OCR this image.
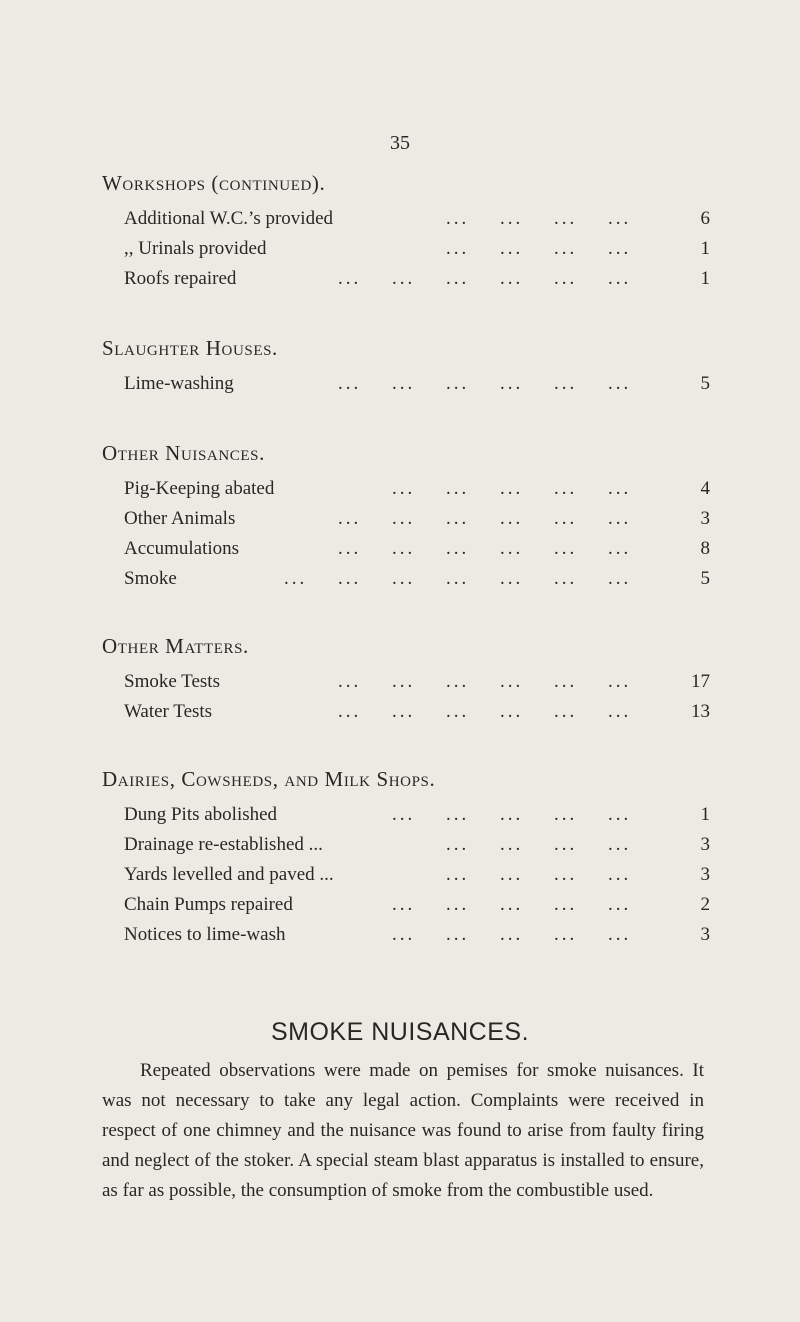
35
Workshops (continued).
... ... ... ...
Additional W.C.’s provided	6
... ... ... ...
,, Urinals provided	1
... ... ... ... ... ...
Roofs repaired	1
Slaughter Houses.
... ... ... ... ... ...
Lime-washing	5
Other Nuisances.
... ... ... ... ...
Pig-Keeping abated	4
... ... ... ... ... ...
Other Animals	3
... ... ... ... ... ...
Accumulations	8
... ... ... ... ... ... ...
Smoke	5
Other Matters.
... ... ... ... ... ...
Smoke Tests	17
... ... ... ... ... ...
Water Tests	13
Dairies, Cowsheds, and Milk Shops.
... ... ... ... ...
Dung Pits abolished	1
... ... ... ...
Drainage re-established ...	3
... ... ... ...
Yards levelled and paved ...	3
... ... ... ... ...
Chain Pumps repaired	2
... ... ... ... ...
Notices to lime-wash	3
SMOKE NUISANCES.
Repeated observations were made on pemises for smoke nuisances. It was not necessary to take any legal action. Complaints were received in respect of one chimney and the nuisance was found to arise from faulty firing and neglect of the stoker. A special steam blast apparatus is installed to ensure, as far as possible, the consumption of smoke from the combustible used.
